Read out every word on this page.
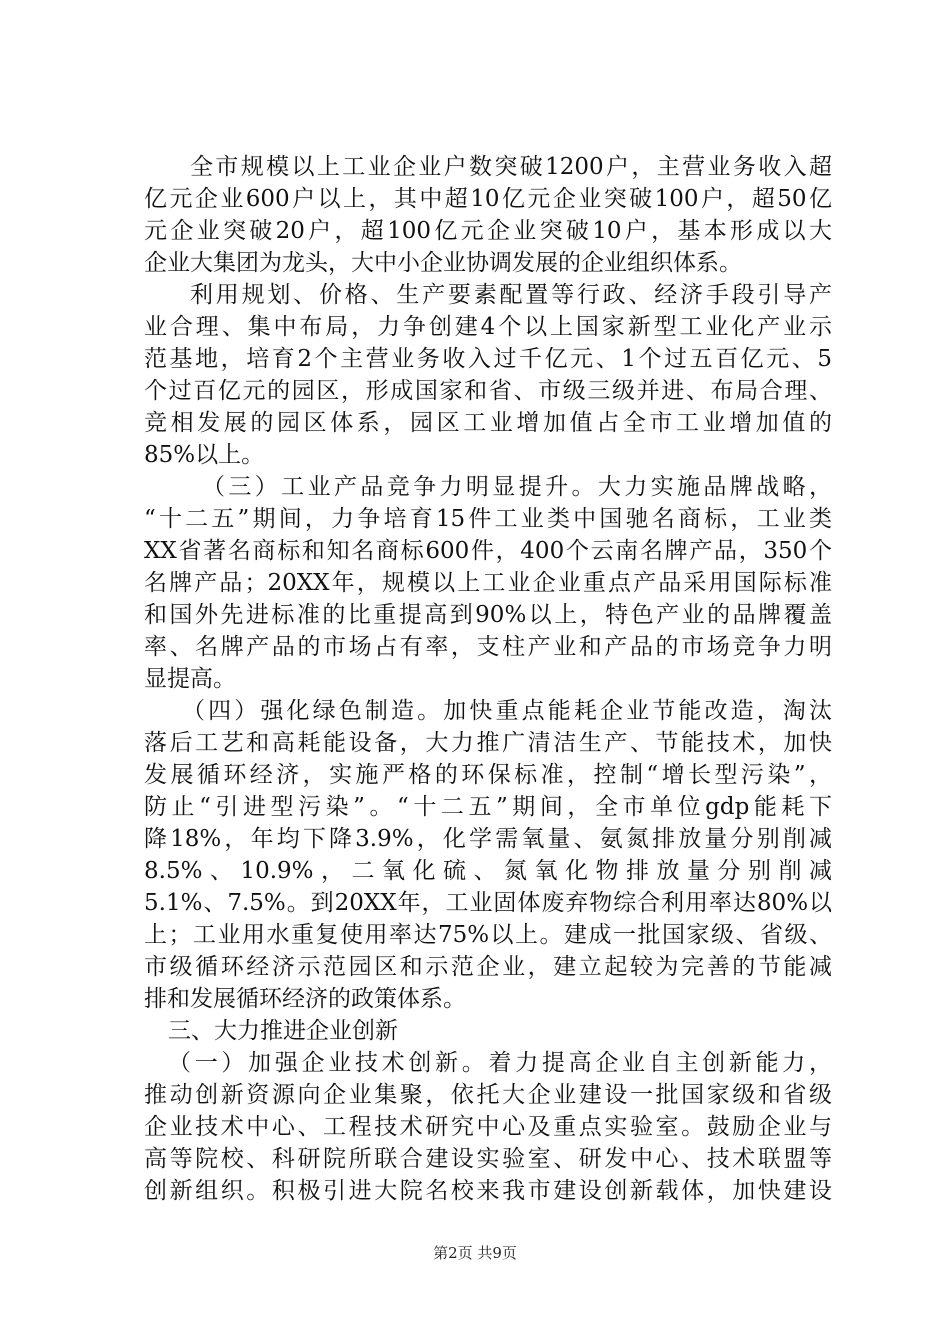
全市规模以上工业企业户数突破1200户，主营业务收入超
亿元企业600户以上，其中超10亿元企业突破100户，超50亿
元企业突破20户，超100亿元企业突破10户，基本形成以大
企业大集团为龙头，大中小企业协调发展的企业组织体系。
利用规划、价格、生产要素配置等行政、经济手段引导产
业合理、集中布局，力争创建4个以上国家新型工业化产业示
范基地，培育2个主营业务收入过千亿元、1个过五百亿元、5
个过百亿元的园区，形成国家和省、市级三级并进、布局合理、
竞相发展的园区体系，园区工业增加值占全市工业增加值的
85%以上。
（三）工业产品竞争力明显提升。大力实施品牌战略，
“十二五”期间，力争培育15件工业类中国驰名商标，工业类
XX省著名商标和知名商标600件，400个云南名牌产品，350个
名牌产品；20XX年，规模以上工业企业重点产品采用国际标准
和国外先进标准的比重提高到90%以上，特色产业的品牌覆盖
率、名牌产品的市场占有率，支柱产业和产品的市场竞争力明
显提高。
（四）强化绿色制造。加快重点能耗企业节能改造，淘汰
落后工艺和高耗能设备，大力推广清洁生产、节能技术，加快
发展循环经济，实施严格的环保标准，控制“增长型污染”，
防止“引进型污染”。“十二五”期间，全市单位gdp能耗下
降18%，年均下降3.9%，化学需氧量、氨氮排放量分别削减
8.5%、10.9%，二氧化硫、氮氧化物排放量分别削减
5.1%、7.5%。到20XX年，工业固体废弃物综合利用率达80%以
上；工业用水重复使用率达75%以上。建成一批国家级、省级、
市级循环经济示范园区和示范企业，建立起较为完善的节能减
排和发展循环经济的政策体系。
三、大力推进企业创新
（一）加强企业技术创新。着力提高企业自主创新能力，
推动创新资源向企业集聚，依托大企业建设一批国家级和省级
企业技术中心、工程技术研究中心及重点实验室。鼓励企业与
高等院校、科研院所联合建设实验室、研发中心、技术联盟等
创新组织。积极引进大院名校来我市建设创新载体，加快建设
第2页 共9页
